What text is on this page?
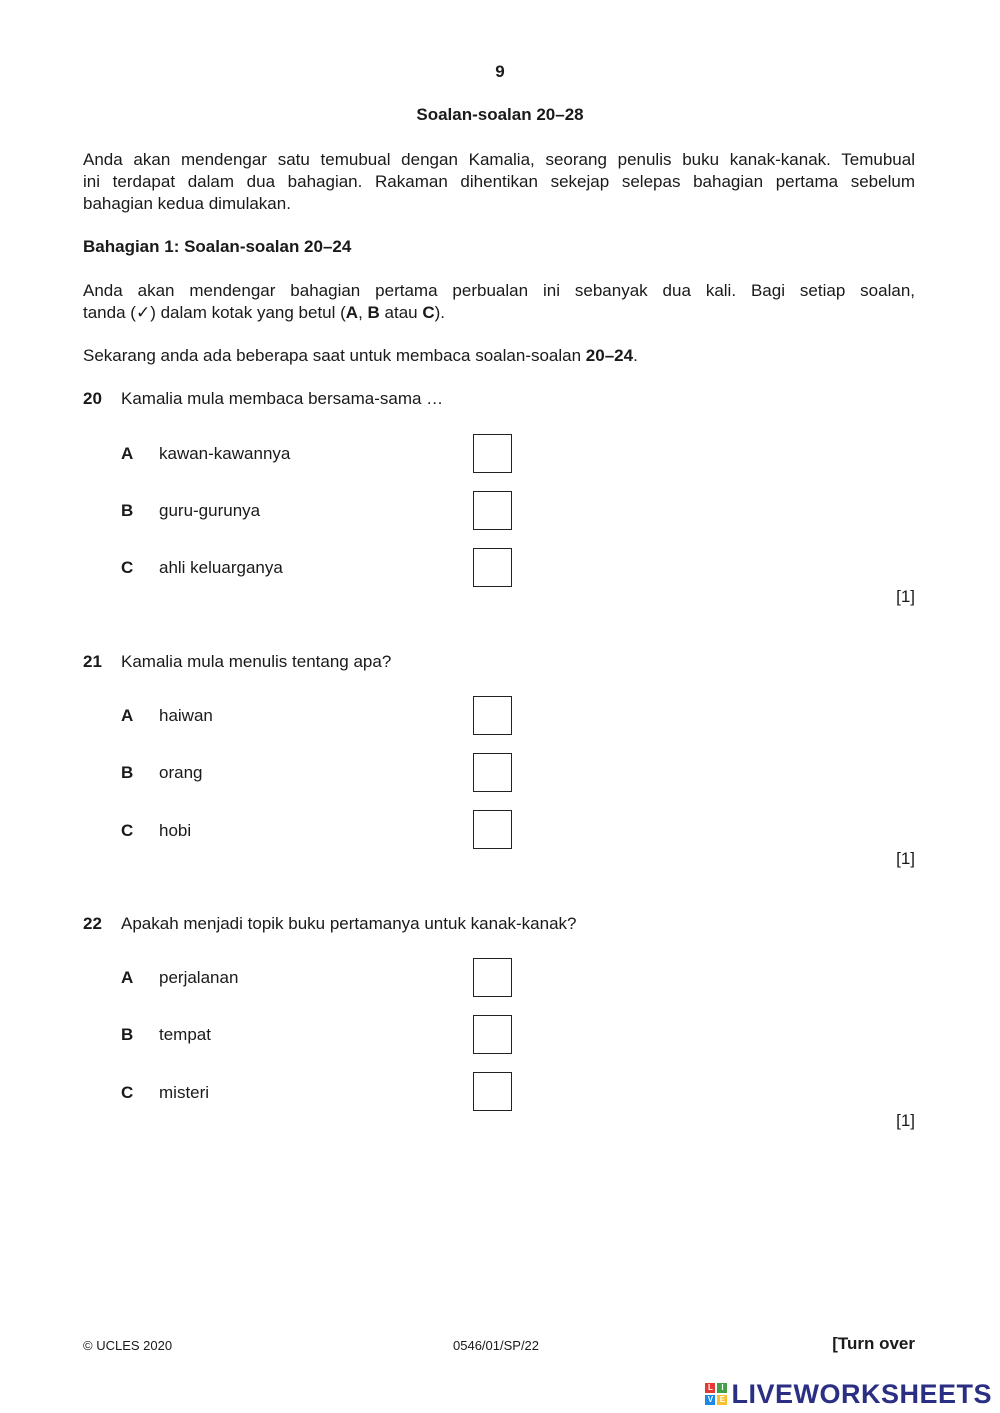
9
Soalan-soalan 20–28

Anda akan mendengar satu temubual dengan Kamalia, seorang penulis buku kanak-kanak. Temubual

ini terdapat dalam dua bahagian. Rakaman dihentikan sekejap selepas bahagian pertama sebelum

bahagian kedua dimulakan.

Bahagian 1: Soalan-soalan 20–24

Anda akan mendengar bahagian pertama perbualan ini sebanyak dua kali. Bagi setiap soalan,

tanda (✓) dalam kotak yang betul (A, B atau C).

Sekarang anda ada beberapa saat untuk membaca soalan-soalan 20–24.
20 Kamalia mula membaca bersama-sama …
A kawan-kawannya
B guru-gurunya
C ahli keluarganya
[1]
21 Kamalia mula menulis tentang apa?
A haiwan
B orang
C hobi
[1]
22 Apakah menjadi topik buku pertamanya untuk kanak-kanak?
A perjalanan
B tempat
C misteri
[1]
© UCLES 2020	0546/01/SP/22	[Turn over
L	I
V E LIVEWORKSHEETS
